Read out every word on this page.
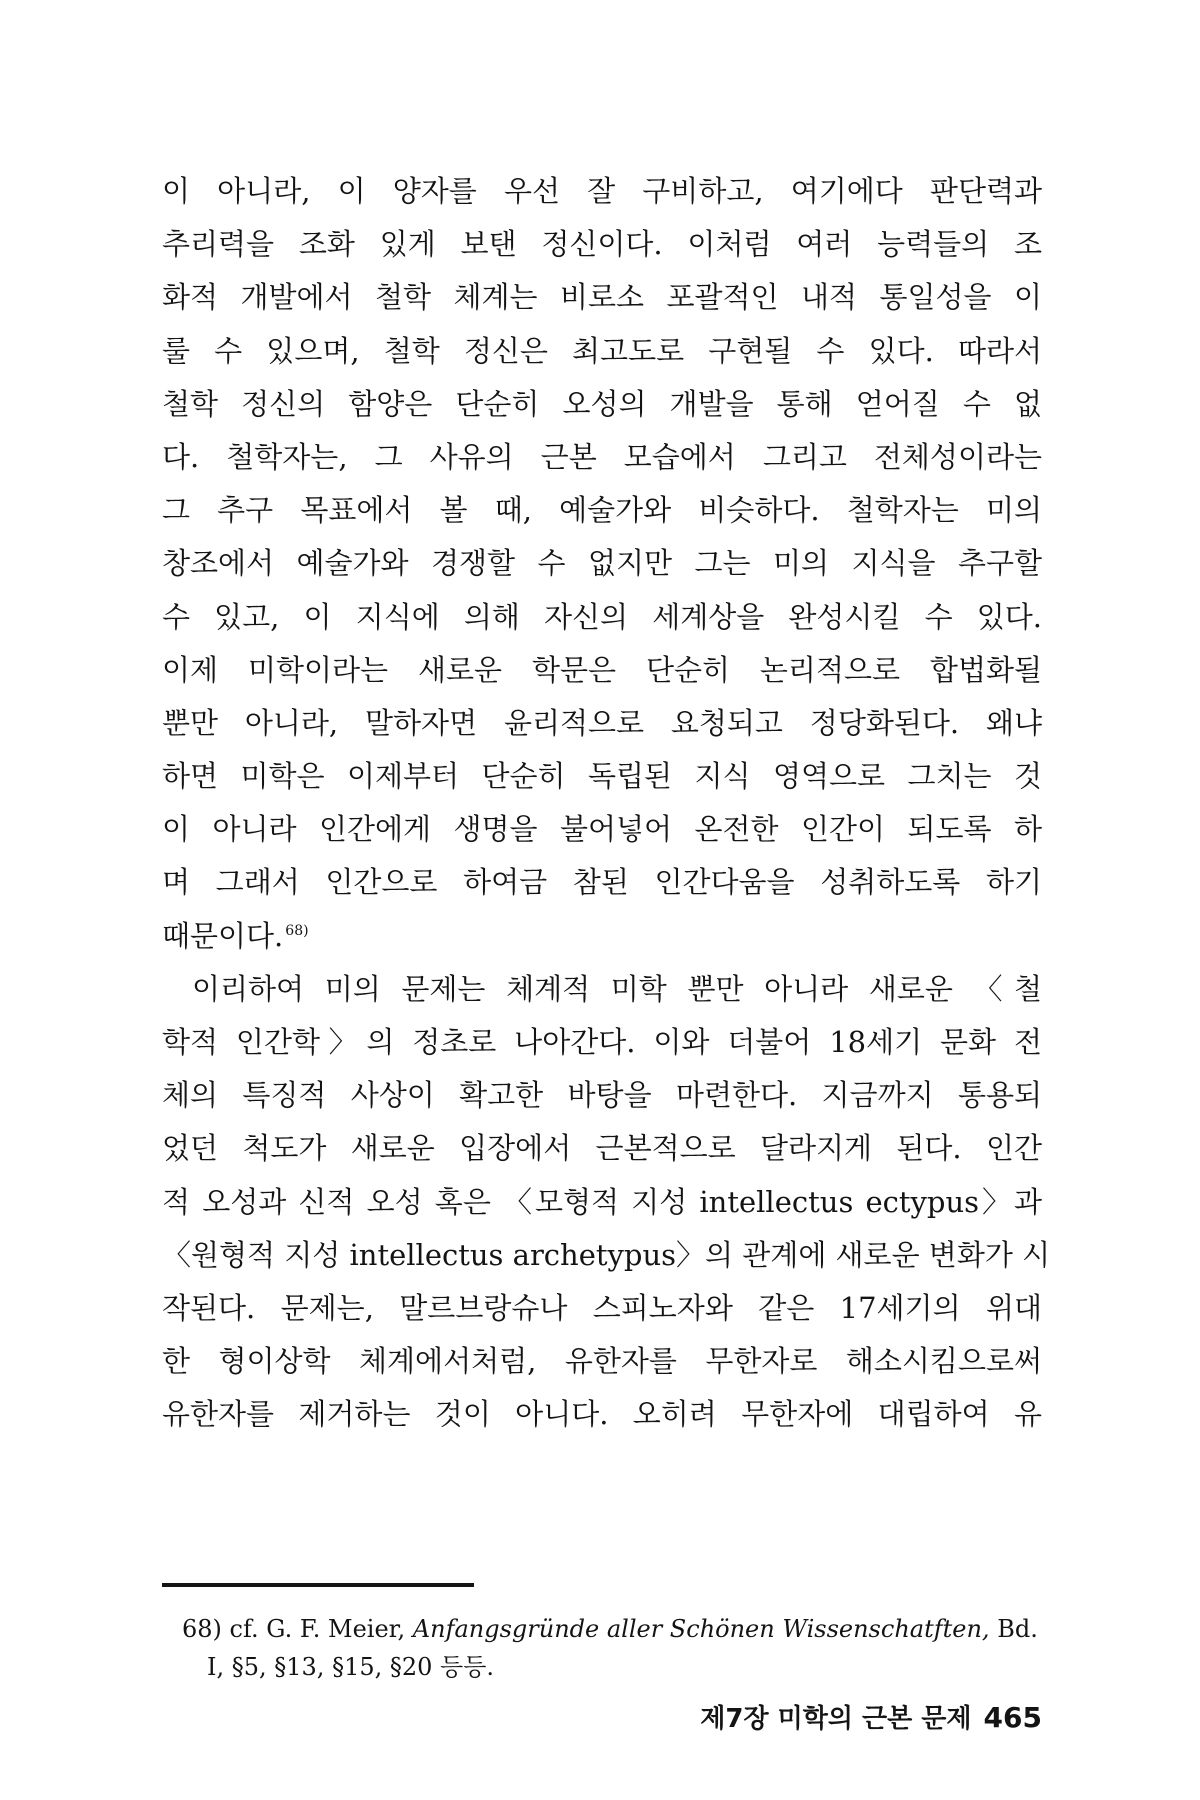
이 아니라, 이 양자를 우선 잘 구비하고, 여기에다 판단력과
추리력을 조화 있게 보탠 정신이다. 이처럼 여러 능력들의 조
화적 개발에서 철학 체계는 비로소 포괄적인 내적 통일성을 이
룰 수 있으며, 철학 정신은 최고도로 구현될 수 있다. 따라서
철학 정신의 함양은 단순히 오성의 개발을 통해 얻어질 수 없
다. 철학자는, 그 사유의 근본 모습에서 그리고 전체성이라는
그 추구 목표에서 볼 때, 예술가와 비슷하다. 철학자는 미의
창조에서 예술가와 경쟁할 수 없지만 그는 미의 지식을 추구할
수 있고, 이 지식에 의해 자신의 세계상을 완성시킬 수 있다.
이제 미학이라는 새로운 학문은 단순히 논리적으로 합법화될
뿐만 아니라, 말하자면 윤리적으로 요청되고 정당화된다. 왜냐
하면 미학은 이제부터 단순히 독립된 지식 영역으로 그치는 것
이 아니라 인간에게 생명을 불어넣어 온전한 인간이 되도록 하
며 그래서 인간으로 하여금 참된 인간다움을 성취하도록 하기
때문이다. $^{68)}$
이리하여 미의 문제는 체계적 미학 뿐만 아니라 새로운 〈철
학적 인간학〉의 정초로 나아간다. 이와 더불어 18세기 문화 전
체의 특징적 사상이 확고한 바탕을 마련한다. 지금까지 통용되
었던 척도가 새로운 입장에서 근본적으로 달라지게 된다. 인간
적 오성과 신적 오성 혹은 〈모형적 지성 intellectus ectypus〉과
〈원형적 지성 intellectus archetypus〉의 관계에 새로운 변화가 시
작된다. 문제는, 말르브랑슈나 스피노자와 같은 17세기의 위대
한 형이상학 체계에서처럼, 유한자를 무한자로 해소시킴으로써
유한자를 제거하는 것이 아니다. 오히려 무한자에 대립하여 유
68) cf. G. F. Meier, Anfangsgründe aller Schönen Wissenschatften, Bd.
I, §5, §13, §15, §20 등등.
제7장 미학의 근본 문제 465
